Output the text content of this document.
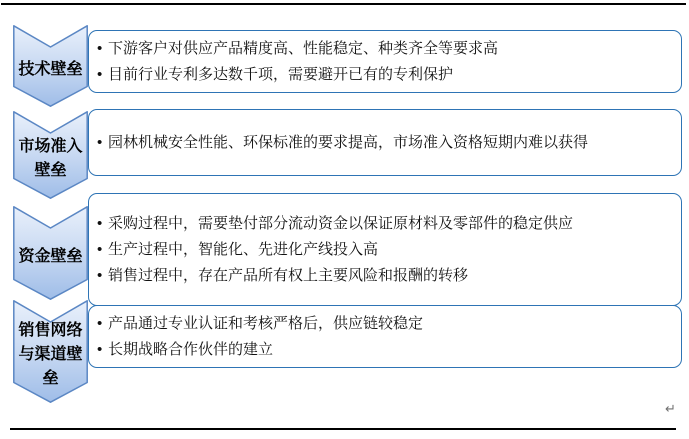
技术壁垒
• 下游客户对供应产品精度高、性能稳定、种类齐全等要求高
• 目前行业专利多达数千项，需要避开已有的专利保护
市场准入壁垒
• 园林机械安全性能、环保标准的要求提高，市场准入资格短期内难以获得
资金壁垒
• 采购过程中，需要垫付部分流动资金以保证原材料及零部件的稳定供应
• 生产过程中，智能化、先进化产线投入高
• 销售过程中，存在产品所有权上主要风险和报酬的转移
销售网络与渠道壁垒
• 产品通过专业认证和考核严格后，供应链较稳定
• 长期战略合作伙伴的建立
↵
